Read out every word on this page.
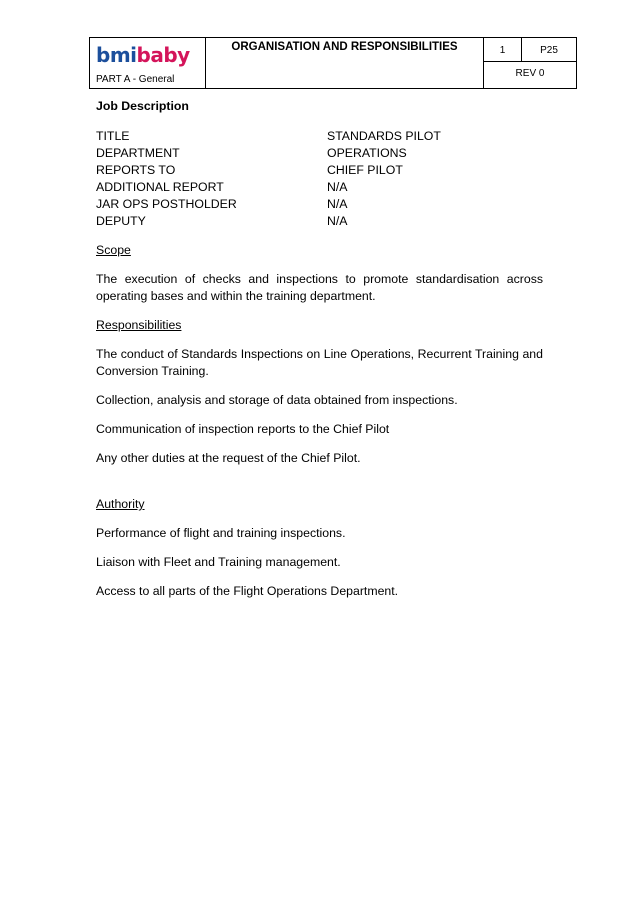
bmibaby
PART A - General
ORGANISATION AND RESPONSIBILITIES	1	P25
REV 0

Job Description

TITLE	STANDARDS PILOT
DEPARTMENT	OPERATIONS
REPORTS TO	CHIEF PILOT
ADDITIONAL REPORT	N/A
JAR OPS POSTHOLDER	N/A
DEPUTY	N/A

Scope

The execution of checks and inspections to promote standardisation across operating bases and within the training department.

Responsibilities

The conduct of Standards Inspections on Line Operations, Recurrent Training and Conversion Training.

Collection, analysis and storage of data obtained from inspections.

Communication of inspection reports to the Chief Pilot

Any other duties at the request of the Chief Pilot.

Authority

Performance of flight and training inspections.

Liaison with Fleet and Training management.

Access to all parts of the Flight Operations Department.
